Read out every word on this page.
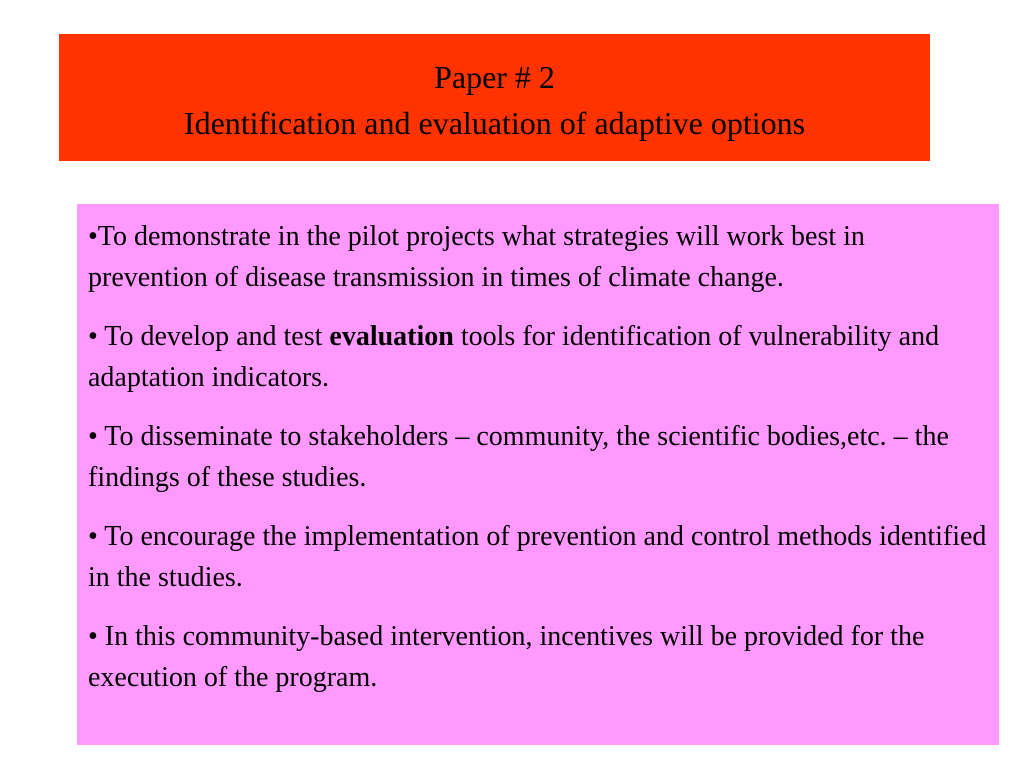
Paper # 2
Identification and evaluation of adaptive options

•To demonstrate in the pilot projects what strategies will work best in prevention of disease transmission in times of climate change.

• To develop and test evaluation tools for identification of vulnerability and adaptation indicators.

• To disseminate to stakeholders – community, the scientific bodies,etc. – the findings of these studies.

• To encourage the implementation of prevention and control methods identified in the studies.

• In this community-based intervention, incentives will be provided for the execution of the program.
